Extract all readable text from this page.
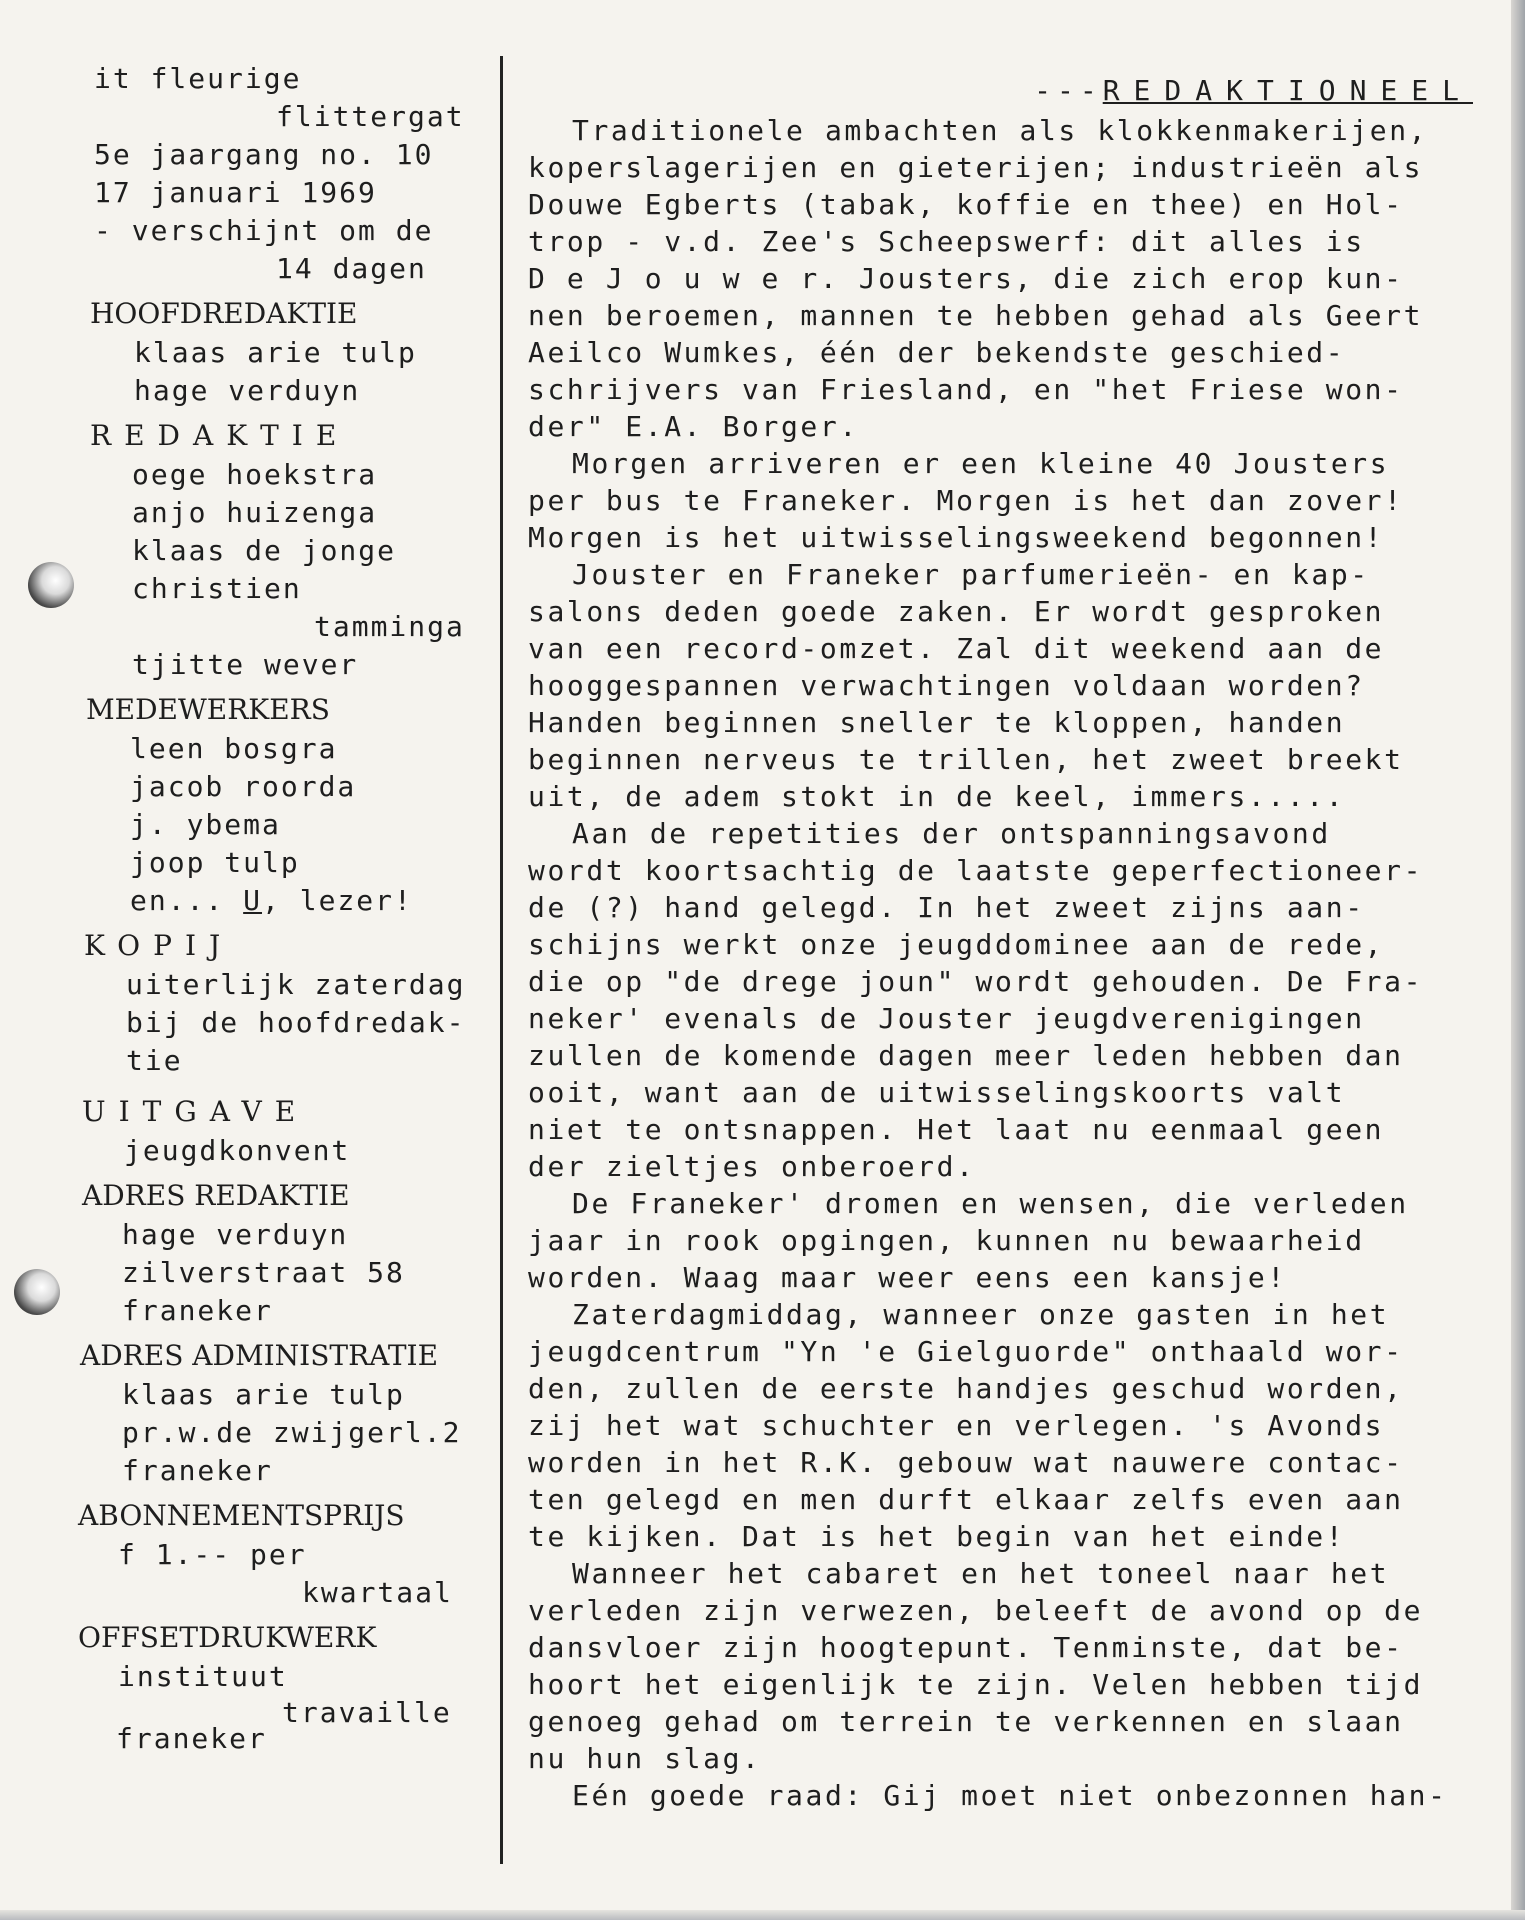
it fleurige
flittergat
5e jaargang no. 10
17 januari 1969
- verschijnt om de
14 dagen
HOOFDREDAKTIE
klaas arie tulp
hage verduyn
REDAKTIE
oege hoekstra
anjo huizenga
klaas de jonge
christien
tamminga
tjitte wever
MEDEWERKERS
leen bosgra
jacob roorda
j. ybema
joop tulp
en... U, lezer!
KOPIJ
uiterlijk zaterdag
bij de hoofdredak-
tie
UITGAVE
jeugdkonvent
ADRES REDAKTIE
hage verduyn
zilverstraat 58
franeker
ADRES ADMINISTRATIE
klaas arie tulp
pr.w.de zwijgerl.2
franeker
ABONNEMENTSPRIJS
f 1.-- per
kwartaal
OFFSETDRUKWERK
instituut
travaille
franeker
---REDAKTIONEEL
Traditionele ambachten als klokkenmakerijen,
koperslagerijen en gieterijen; industrieën als
Douwe Egberts (tabak, koffie en thee) en Hol-
trop - v.d. Zee's Scheepswerf: dit alles is
D e J o u w e r. Jousters, die zich erop kun-
nen beroemen, mannen te hebben gehad als Geert
Aeilco Wumkes, één der bekendste geschied-
schrijvers van Friesland, en "het Friese won-
der" E.A. Borger.
Morgen arriveren er een kleine 40 Jousters
per bus te Franeker. Morgen is het dan zover!
Morgen is het uitwisselingsweekend begonnen!
Jouster en Franeker parfumerieën- en kap-
salons deden goede zaken. Er wordt gesproken
van een record-omzet. Zal dit weekend aan de
hooggespannen verwachtingen voldaan worden?
Handen beginnen sneller te kloppen, handen
beginnen nerveus te trillen, het zweet breekt
uit, de adem stokt in de keel, immers.....
Aan de repetities der ontspanningsavond
wordt koortsachtig de laatste geperfectioneer-
de (?) hand gelegd. In het zweet zijns aan-
schijns werkt onze jeugddominee aan de rede,
die op "de drege joun" wordt gehouden. De Fra-
neker' evenals de Jouster jeugdverenigingen
zullen de komende dagen meer leden hebben dan
ooit, want aan de uitwisselingskoorts valt
niet te ontsnappen. Het laat nu eenmaal geen
der zieltjes onberoerd.
De Franeker' dromen en wensen, die verleden
jaar in rook opgingen, kunnen nu bewaarheid
worden. Waag maar weer eens een kansje!
Zaterdagmiddag, wanneer onze gasten in het
jeugdcentrum "Yn 'e Gielguorde" onthaald wor-
den, zullen de eerste handjes geschud worden,
zij het wat schuchter en verlegen. 's Avonds
worden in het R.K. gebouw wat nauwere contac-
ten gelegd en men durft elkaar zelfs even aan
te kijken. Dat is het begin van het einde!
Wanneer het cabaret en het toneel naar het
verleden zijn verwezen, beleeft de avond op de
dansvloer zijn hoogtepunt. Tenminste, dat be-
hoort het eigenlijk te zijn. Velen hebben tijd
genoeg gehad om terrein te verkennen en slaan
nu hun slag.
Eén goede raad: Gij moet niet onbezonnen han-
